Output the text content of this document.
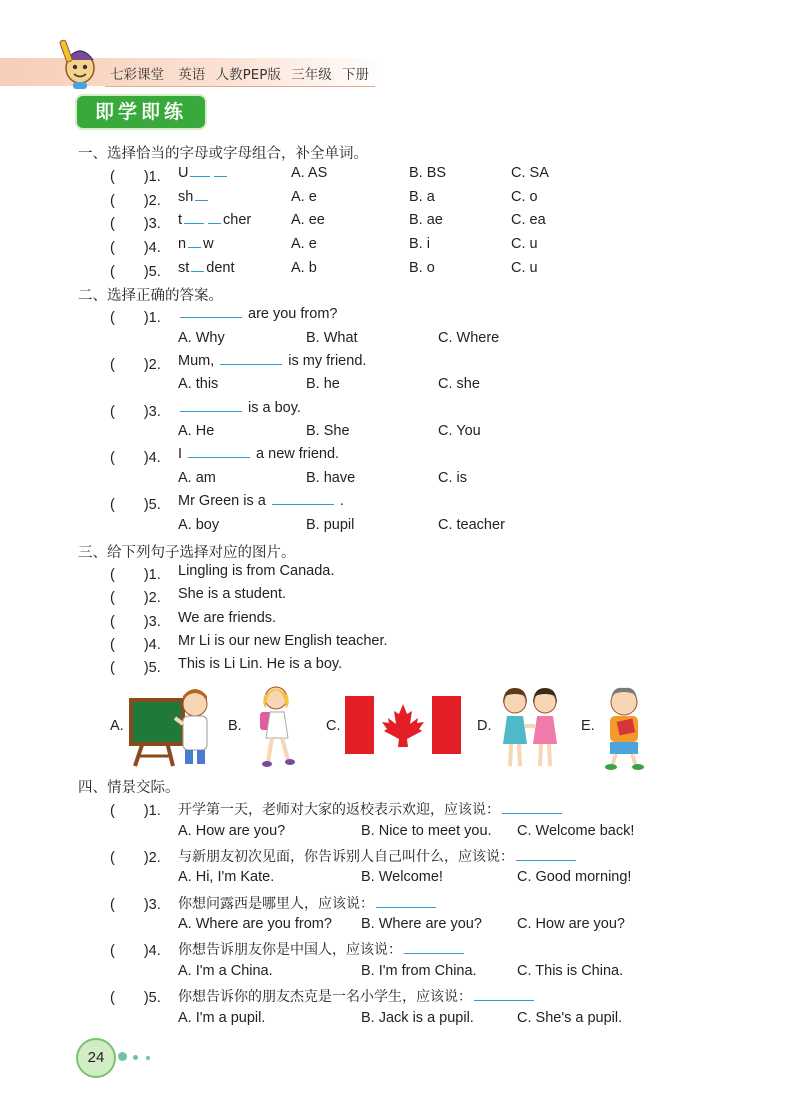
七彩课堂 英语 人教PEP版 三年级 下册
即学即练
一、选择恰当的字母或字母组合，补全单词。
(　　)1. U	A. AS	B. BS	C. SA
(　　)2. sh	A. e	B. a	C. o
(　　)3. t	cher	A. ee	B. ae	C. ea
(　　)4. n w	A. e	B. i	C. u
(　　)5. st dent	A. b	B. o	C. u
二、选择正确的答案。
(　　)1.	are you from?
A. Why	B. What	C. Where
(　　)2. Mum,	is my friend.
A. this	B. he	C. she
(　　)3.	is a boy.
A. He	B. She	C. You
(　　)4. I	a new friend.
A. am	B. have	C. is
(　　)5. Mr Green is a	.
A. boy	B. pupil	C. teacher
三、给下列句子选择对应的图片。
(　　)1. Lingling is from Canada.
(　　)2. She is a student.
(　　)3. We are friends.
(　　)4. Mr Li is our new English teacher.
(　　)5. This is Li Lin. He is a boy.
A.	B.	C.	D.	E.
四、情景交际。
(　　)1. 开学第一天，老师对大家的返校表示欢迎，应该说：
A. How are you?	B. Nice to meet you. C. Welcome back!
(　　)2. 与新朋友初次见面，你告诉别人自己叫什么，应该说：
A. Hi, I'm Kate.	B. Welcome!	C. Good morning!
(　　)3. 你想问露西是哪里人，应该说：
A. Where are you from? B. Where are you? C. How are you?
(　　)4. 你想告诉朋友你是中国人，应该说：
A. I'm a China.	B. I'm from China.	C. This is China.
(　　)5. 你想告诉你的朋友杰克是一名小学生，应该说：
A. I'm a pupil.	B. Jack is a pupil.	C. She's a pupil.
24
